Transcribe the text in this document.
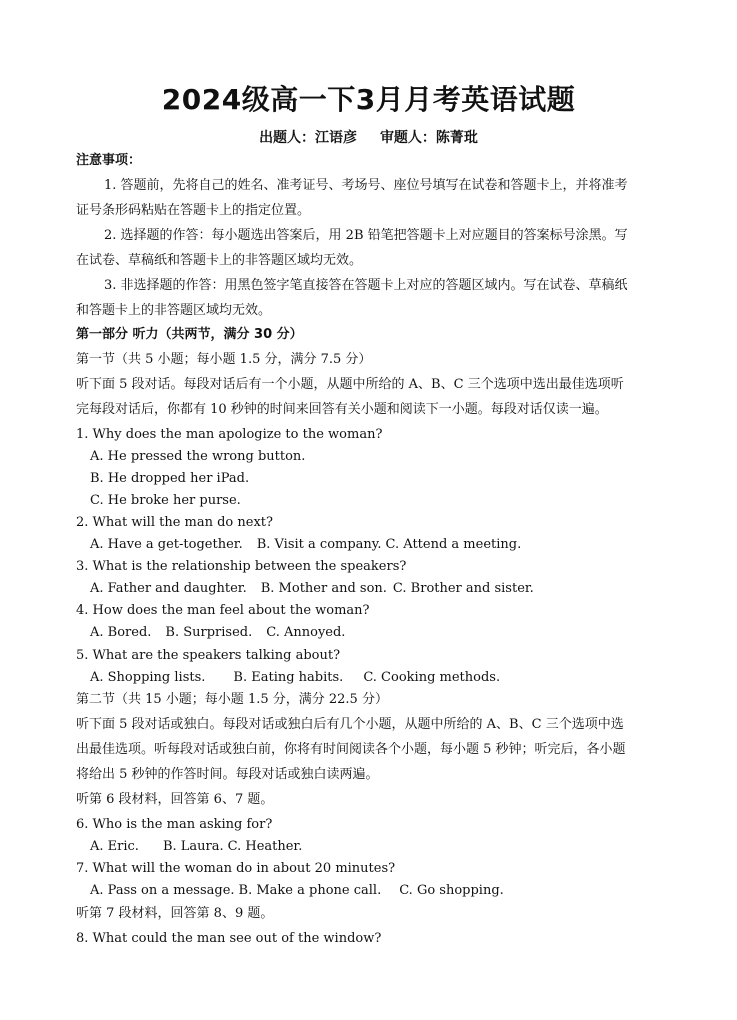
2024级高一下3月月考英语试题
出题人：江语彦 审题人：陈菁玭
注意事项：
1. 答题前，先将自己的姓名、准考证号、考场号、座位号填写在试卷和答题卡上，并将准考
证号条形码粘贴在答题卡上的指定位置。
2. 选择题的作答：每小题选出答案后，用 2B 铅笔把答题卡上对应题目的答案标号涂黑。写
在试卷、草稿纸和答题卡上的非答题区域均无效。
3. 非选择题的作答：用黑色签字笔直接答在答题卡上对应的答题区域内。写在试卷、草稿纸
和答题卡上的非答题区域均无效。
第一部分 听力（共两节，满分 30 分）
第一节（共 5 小题；每小题 1.5 分，满分 7.5 分）
听下面 5 段对话。每段对话后有一个小题，从题中所给的 A、B、C 三个选项中选出最佳选项听
完每段对话后，你都有 10 秒钟的时间来回答有关小题和阅读下一小题。每段对话仅读一遍。
1. Why does the man apologize to the woman?
A. He pressed the wrong button.
B. He dropped her iPad.
C. He broke her purse.
2. What will the man do next?
A. Have a get-together. B. Visit a company. C. Attend a meeting.
3. What is the relationship between the speakers?
A. Father and daughter. B. Mother and son. C. Brother and sister.
4. How does the man feel about the woman?
A. Bored. B. Surprised. C. Annoyed.
5. What are the speakers talking about?
A. Shopping lists. B. Eating habits. C. Cooking methods.
第二节（共 15 小题；每小题 1.5 分，满分 22.5 分）
听下面 5 段对话或独白。每段对话或独白后有几个小题，从题中所给的 A、B、C 三个选项中选
出最佳选项。听每段对话或独白前，你将有时间阅读各个小题，每小题 5 秒钟；听完后，各小题
将给出 5 秒钟的作答时间。每段对话或独白读两遍。
听第 6 段材料，回答第 6、7 题。
6. Who is the man asking for?
A. Eric. B. Laura. C. Heather.
7. What will the woman do in about 20 minutes?
A. Pass on a message. B. Make a phone call. C. Go shopping.
听第 7 段材料，回答第 8、9 题。
8. What could the man see out of the window?
